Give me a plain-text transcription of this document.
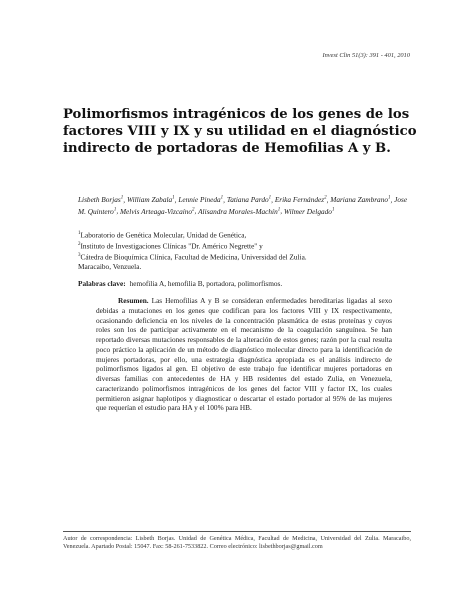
Invest Clin 51(3): 391 - 401, 2010
Polimorfismos intragénicos de los genes de los factores VIII y IX y su utilidad en el diagnóstico indirecto de portadoras de Hemofilias A y B.
Lisbeth Borjas$^1$, William Zabala$^1$, Lennie Pineda$^1$, Tatiana Pardo$^1$, Erika Fernández$^2$, Mariana Zambrano$^1$, Jose M. Quintero$^1$, Melvis Arteaga-Vizcaíno$^2$, Alisandra Morales-Machín$^1$, Wilmer Delgado$^1$
$^1$Laboratorio de Genética Molecular, Unidad de Genética,
$^2$Instituto de Investigaciones Clínicas "Dr. Américo Negrette" y
$^3$Cátedra de Bioquímica Clínica, Facultad de Medicina, Universidad del Zulia.
Maracaibo, Venzuela.
Palabras clave: hemofilia A, hemofilia B, portadora, polimorfismos.

Resumen. Las Hemofilias A y B se consideran enfermedades hereditarias ligadas al sexo debidas a mutaciones en los genes que codifican para los factores VIII y IX respectivamente, ocasionando deficiencia en los niveles de la concentración plasmática de estas proteínas y cuyos roles son los de participar activamente en el mecanismo de la coagulación sanguínea. Se han reportado diversas mutaciones responsables de la alteración de estos genes; razón por la cual resulta poco práctico la aplicación de un método de diagnóstico molecular directo para la identificación de mujeres portadoras, por ello, una estrategia diagnóstica apropiada es el análisis indirecto de polimorfismos ligados al gen. El objetivo de este trabajo fue identificar mujeres portadoras en diversas familias con antecedentes de HA y HB residentes del estado Zulia, en Venezuela, caracterizando polimorfismos intragénicos de los genes del factor VIII y factor IX, los cuales permitieron asignar haplotipos y diagnosticar o descartar el estado portador al 95% de las mujeres que requerían el estudio para HA y el 100% para HB.

Autor de correspondencia: Lisbeth Borjas. Unidad de Genética Médica, Facultad de Medicina, Universidad del Zulia. Maracaibo, Venezuela. Apartado Postal: 15047. Fax: 58-261-7533822. Correo electrónico: lisbethborjas@gmail.com
